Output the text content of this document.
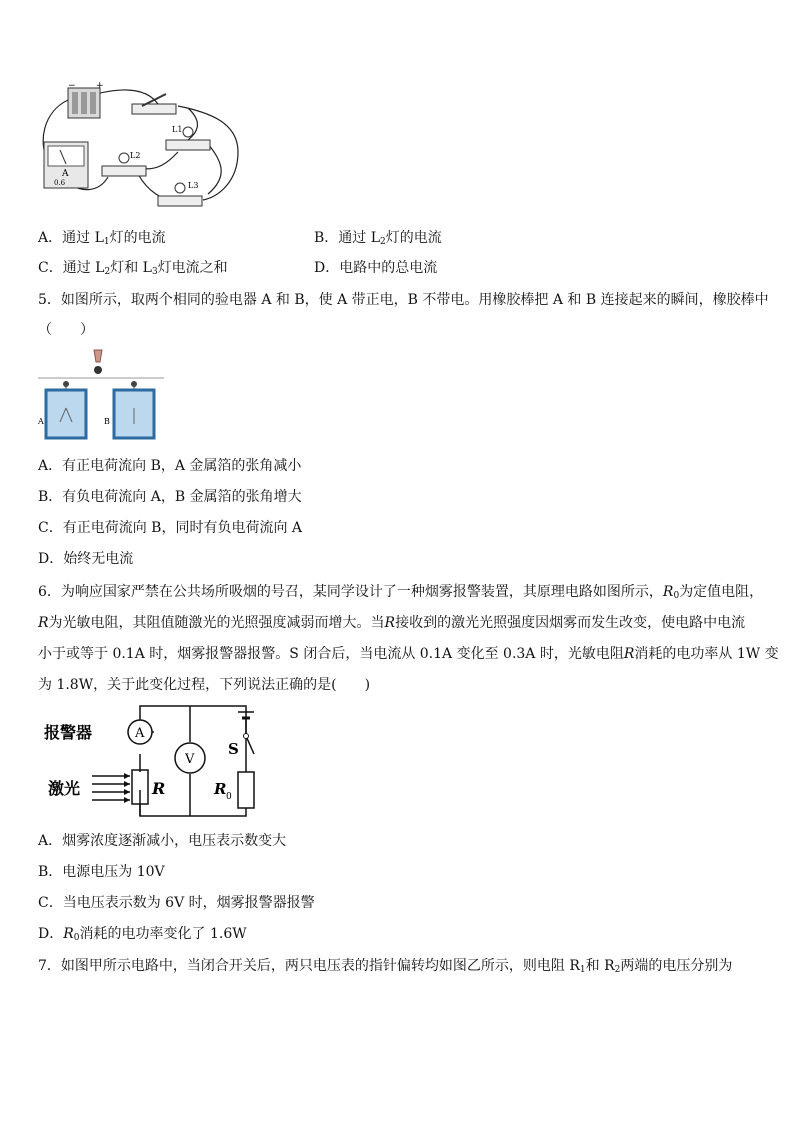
− +
L1
L2
L3
A
0.6
A．通过 $L_1$灯的电流	B．通过 $L_2$灯的电流
C．通过 $L_2$灯和 $L_3$灯电流之和	D．电路中的总电流
5．如图所示，取两个相同的验电器 A 和 B，使 A 带正电，B 不带电。用橡胶棒把 A 和 B 连接起来的瞬间，橡胶棒中
（　　）
A	B
A．有正电荷流向 B，A 金属箔的张角减小
B．有负电荷流向 A，B 金属箔的张角增大
C．有正电荷流向 B，同时有负电荷流向 A
D．始终无电流
6．为响应国家严禁在公共场所吸烟的号召，某同学设计了一种烟雾报警装置，其原理电路如图所示，$R_0$为定值电阻，
R为光敏电阻，其阻值随激光的光照强度减弱而增大。当R接收到的激光光照强度因烟雾而发生改变，使电路中电流
小于或等于 0.1A 时，烟雾报警器报警。S 闭合后，当电流从 0.1A 变化至 0.3A 时，光敏电阻R消耗的电功率从 1W 变
为 1.8W，关于此变化过程，下列说法正确的是(　　)
报警器	A
V
激光	R
S
R 0
A．烟雾浓度逐渐减小，电压表示数变大
B．电源电压为 10V
C．当电压表示数为 6V 时，烟雾报警器报警
D．$R_0$消耗的电功率变化了 1.6W
7．如图甲所示电路中，当闭合开关后，两只电压表的指针偏转均如图乙所示，则电阻 $R_1$和 $R_2$两端的电压分别为
